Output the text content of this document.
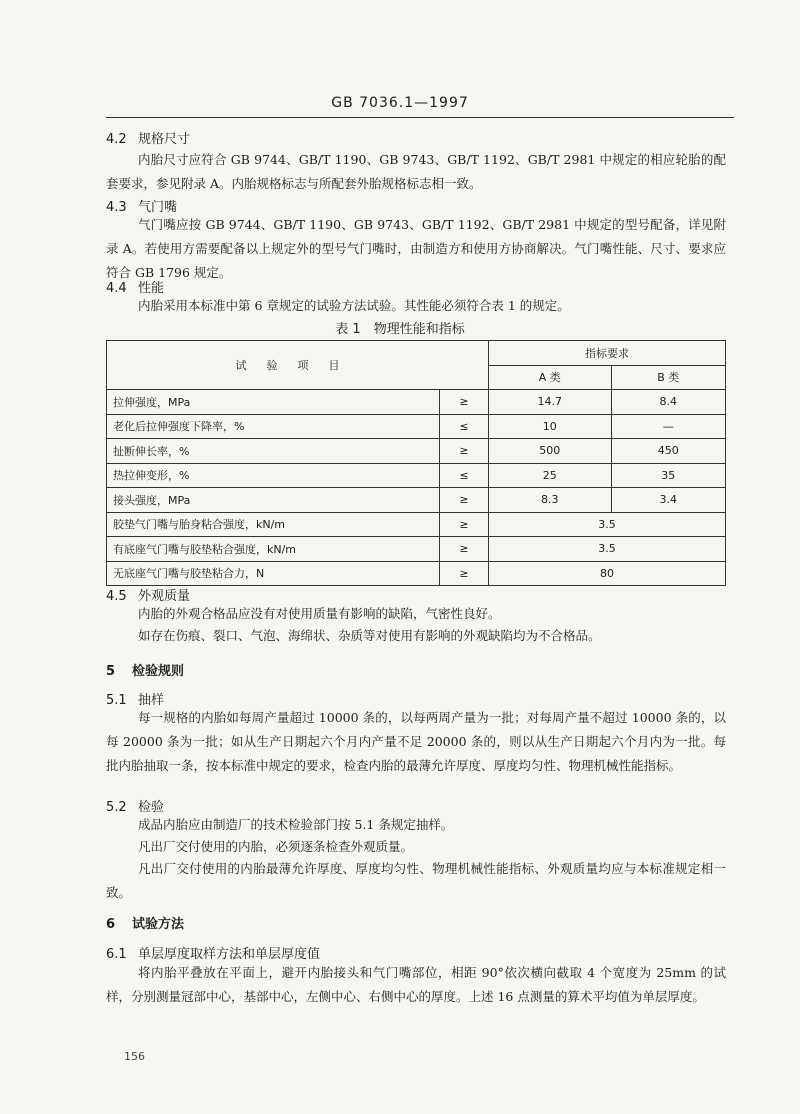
GB 7036.1—1997
4.2 规格尺寸
内胎尺寸应符合 GB 9744、GB/T 1190、GB 9743、GB/T 1192、GB/T 2981 中规定的相应轮胎的配套要求，参见附录 A。内胎规格标志与所配套外胎规格标志相一致。
4.3 气门嘴
气门嘴应按 GB 9744、GB/T 1190、GB 9743、GB/T 1192、GB/T 2981 中规定的型号配备，详见附录 A。若使用方需要配备以上规定外的型号气门嘴时，由制造方和使用方协商解决。气门嘴性能、尺寸、要求应符合 GB 1796 规定。
4.4 性能
内胎采用本标准中第 6 章规定的试验方法试验。其性能必须符合表 1 的规定。
表 1　物理性能和指标
试验项目		指标要求	
		A 类	B 类
拉伸强度，MPa	≥	14.7	8.4
老化后拉伸强度下降率，%	≤	10	—
扯断伸长率，%	≥	500	450
热拉伸变形，%	≤	25	35
接头强度，MPa	≥	8.3	3.4
胶垫气门嘴与胎身粘合强度，kN/m	≥	3.5	
有底座气门嘴与胶垫粘合强度，kN/m	≥	3.5	
无底座气门嘴与胶垫粘合力，N	≥	80	
4.5 外观质量
内胎的外观合格品应没有对使用质量有影响的缺陷，气密性良好。
如存在伤痕、裂口、气泡、海绵状、杂质等对使用有影响的外观缺陷均为不合格品。
5 检验规则
5.1 抽样
每一规格的内胎如每周产量超过 10000 条的，以每两周产量为一批；对每周产量不超过 10000 条的，以每 20000 条为一批；如从生产日期起六个月内产量不足 20000 条的，则以从生产日期起六个月内为一批。每批内胎抽取一条，按本标准中规定的要求，检查内胎的最薄允许厚度、厚度均匀性、物理机械性能指标。
5.2 检验
成品内胎应由制造厂的技术检验部门按 5.1 条规定抽样。
凡出厂交付使用的内胎，必须逐条检查外观质量。
凡出厂交付使用的内胎最薄允许厚度、厚度均匀性、物理机械性能指标、外观质量均应与本标准规定相一致。
6 试验方法
6.1 单层厚度取样方法和单层厚度值
将内胎平叠放在平面上，避开内胎接头和气门嘴部位，相距 90°依次横向截取 4 个宽度为 25mm 的试样，分别测量冠部中心，基部中心，左侧中心、右侧中心的厚度。上述 16 点测量的算术平均值为单层厚度。
156
